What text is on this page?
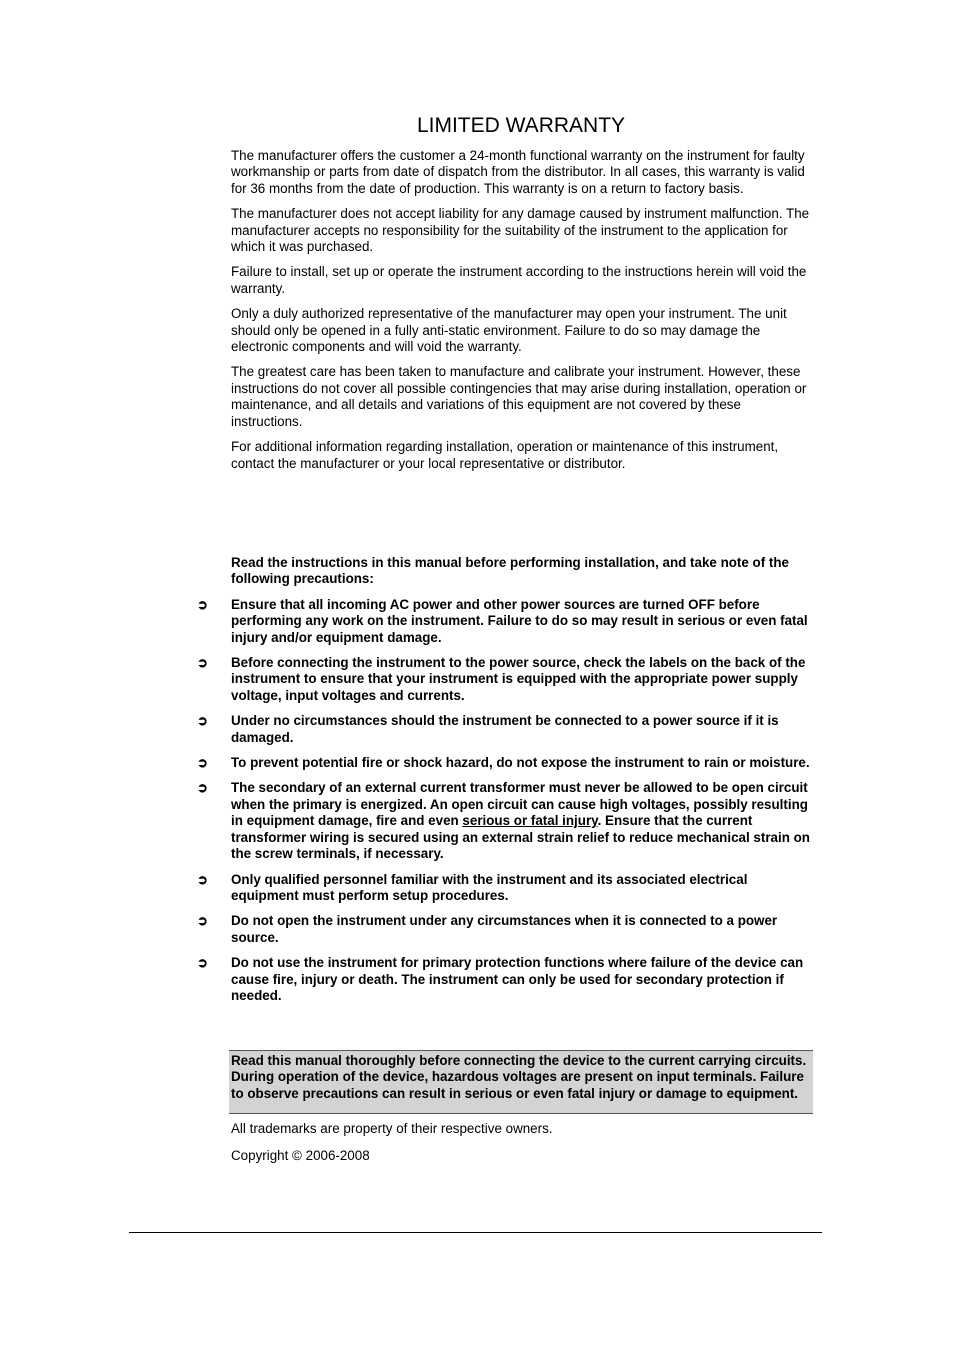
LIMITED WARRANTY

The manufacturer offers the customer a 24-month functional warranty on the instrument for faulty workmanship or parts from date of dispatch from the distributor. In all cases, this warranty is valid for 36 months from the date of production. This warranty is on a return to factory basis.

The manufacturer does not accept liability for any damage caused by instrument malfunction. The manufacturer accepts no responsibility for the suitability of the instrument to the application for which it was purchased.

Failure to install, set up or operate the instrument according to the instructions herein will void the warranty.

Only a duly authorized representative of the manufacturer may open your instrument. The unit should only be opened in a fully anti-static environment. Failure to do so may damage the electronic components and will void the warranty.

The greatest care has been taken to manufacture and calibrate your instrument. However, these instructions do not cover all possible contingencies that may arise during installation, operation or maintenance, and all details and variations of this equipment are not covered by these instructions.

For additional information regarding installation, operation or maintenance of this instrument, contact the manufacturer or your local representative or distributor.

Read the instructions in this manual before performing installation, and take note of the following precautions:

➲ Ensure that all incoming AC power and other power sources are turned OFF before performing any work on the instrument. Failure to do so may result in serious or even fatal injury and/or equipment damage.
➲ Before connecting the instrument to the power source, check the labels on the back of the instrument to ensure that your instrument is equipped with the appropriate power supply voltage, input voltages and currents.
➲ Under no circumstances should the instrument be connected to a power source if it is damaged.
➲ To prevent potential fire or shock hazard, do not expose the instrument to rain or moisture.
➲ The secondary of an external current transformer must never be allowed to be open circuit when the primary is energized. An open circuit can cause high voltages, possibly resulting in equipment damage, fire and even serious or fatal injury. Ensure that the current transformer wiring is secured using an external strain relief to reduce mechanical strain on the screw terminals, if necessary.
➲ Only qualified personnel familiar with the instrument and its associated electrical equipment must perform setup procedures.
➲ Do not open the instrument under any circumstances when it is connected to a power source.
➲ Do not use the instrument for primary protection functions where failure of the device can cause fire, injury or death. The instrument can only be used for secondary protection if needed.
Read this manual thoroughly before connecting the device to the current carrying circuits. During operation of the device, hazardous voltages are present on input terminals. Failure to observe precautions can result in serious or even fatal injury or damage to equipment.

All trademarks are property of their respective owners.

Copyright © 2006-2008
